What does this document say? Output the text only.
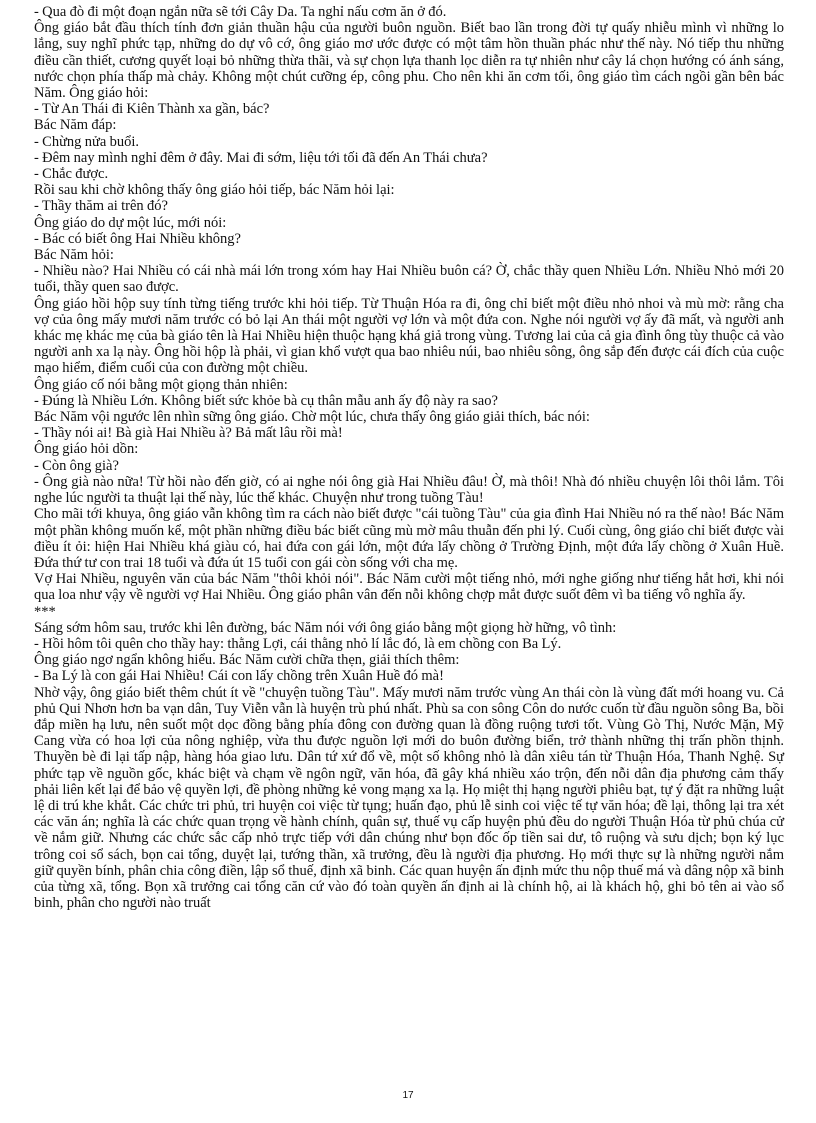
- Qua đò đi một đoạn ngắn nữa sẽ tới Cây Da. Ta nghỉ nấu cơm ăn ở đó.

Ông giáo bắt đầu thích tính đơn giản thuần hậu của người buôn nguồn. Biết bao lần trong đời tự quấy nhiễu mình vì những lo lắng, suy nghĩ phức tạp, những do dự vô cớ, ông giáo mơ ước được có một tâm hồn thuần phác như thế này. Nó tiếp thu những điều cần thiết, cương quyết loại bỏ những thừa thãi, và sự chọn lựa thanh lọc diễn ra tự nhiên như cây lá chọn hướng có ánh sáng, nước chọn phía thấp mà chảy. Không một chút cưỡng ép, công phu. Cho nên khi ăn cơm tối, ông giáo tìm cách ngồi gần bên bác Năm. Ông giáo hỏi:

- Từ An Thái đi Kiên Thành xa gần, bác?

Bác Năm đáp:

- Chừng nửa buổi.

- Đêm nay mình nghỉ đêm ở đây. Mai đi sớm, liệu tới tối đã đến An Thái chưa?

- Chắc được.

Rồi sau khi chờ không thấy ông giáo hỏi tiếp, bác Năm hỏi lại:

- Thầy thăm ai trên đó?

Ông giáo do dự một lúc, mới nói:

- Bác có biết ông Hai Nhiều không?

Bác Năm hỏi:

- Nhiều nào? Hai Nhiều có cái nhà mái lớn trong xóm hay Hai Nhiều buôn cá? Ờ, chắc thầy quen Nhiều Lớn. Nhiều Nhỏ mới 20 tuổi, thầy quen sao được.

Ông giáo hồi hộp suy tính từng tiếng trước khi hỏi tiếp. Từ Thuận Hóa ra đi, ông chỉ biết một điều nhỏ nhoi và mù mờ: rằng cha vợ của ông mấy mươi năm trước có bỏ lại An thái một người vợ lớn và một đứa con. Nghe nói người vợ ấy đã mất, và người anh khác mẹ khác mẹ của bà giáo tên là Hai Nhiều hiện thuộc hạng khá giả trong vùng. Tương lai của cả gia đình ông tùy thuộc cả vào người anh xa lạ này. Ông hồi hộp là phải, vì gian khổ vượt qua bao nhiêu núi, bao nhiêu sông, ông sắp đến được cái đích của cuộc mạo hiểm, điểm cuối của con đường một chiều.

Ông giáo cố nói bằng một giọng thản nhiên:

- Đúng là Nhiều Lớn. Không biết sức khỏe bà cụ thân mẫu anh ấy độ này ra sao?

Bác Năm vội ngước lên nhìn sững ông giáo. Chờ một lúc, chưa thấy ông giáo giải thích, bác nói:

- Thầy nói ai! Bà già Hai Nhiều à? Bả mất lâu rồi mà!

Ông giáo hỏi dồn:

- Còn ông già?

- Ông già nào nữa! Từ hồi nào đến giờ, có ai nghe nói ông già Hai Nhiều đâu! Ờ, mà thôi! Nhà đó nhiều chuyện lôi thôi lắm. Tôi nghe lúc người ta thuật lại thế này, lúc thế khác. Chuyện như trong tuồng Tàu!

Cho mãi tới khuya, ông giáo vẫn không tìm ra cách nào biết được "cái tuồng Tàu" của gia đình Hai Nhiều nó ra thế nào! Bác Năm một phần không muốn kể, một phần những điều bác biết cũng mù mờ mâu thuẫn đến phi lý. Cuối cùng, ông giáo chỉ biết được vài điều ít ỏi: hiện Hai Nhiều khá giàu có, hai đứa con gái lớn, một đứa lấy chồng ở Trường Định, một đứa lấy chồng ở Xuân Huề. Đứa thứ tư con trai 18 tuổi và đứa út 15 tuổi con gái còn sống với cha mẹ.

Vợ Hai Nhiều, nguyên văn của bác Năm "thôi khỏi nói". Bác Năm cười một tiếng nhỏ, mới nghe giống như tiếng hắt hơi, khi nói qua loa như vậy về người vợ Hai Nhiều. Ông giáo phân vân đến nỗi không chợp mắt được suốt đêm vì ba tiếng vô nghĩa ấy.

***

Sáng sớm hôm sau, trước khi lên đường, bác Năm nói với ông giáo bằng một giọng hờ hững, vô tình:

- Hồi hôm tôi quên cho thầy hay: thằng Lợi, cái thằng nhỏ lí lắc đó, là em chồng con Ba Lý.

Ông giáo ngơ ngẩn không hiểu. Bác Năm cười chữa thẹn, giải thích thêm:

- Ba Lý là con gái Hai Nhiều! Cái con lấy chồng trên Xuân Huề đó mà!

Nhờ vậy, ông giáo biết thêm chút ít về "chuyện tuồng Tàu". Mấy mươi năm trước vùng An thái còn là vùng đất mới hoang vu. Cả phủ Qui Nhơn hơn ba vạn dân, Tuy Viễn vẫn là huyện trù phú nhất. Phù sa con sông Côn do nước cuốn từ đầu nguồn sông Ba, bồi đắp miền hạ lưu, nên suốt một dọc đồng bằng phía đông con đường quan là đồng ruộng tươi tốt. Vùng Gò Thị, Nước Mặn, Mỹ Cang vừa có hoa lợi của nông nghiệp, vừa thu được nguồn lợi mới do buôn đường biển, trở thành những thị trấn phồn thịnh. Thuyền bè đi lại tấp nập, hàng hóa giao lưu. Dân tứ xứ đổ về, một số không nhỏ là dân xiêu tán từ Thuận Hóa, Thanh Nghệ. Sự phức tạp về nguồn gốc, khác biệt và chạm về ngôn ngữ, văn hóa, đã gây khá nhiều xáo trộn, đến nỗi dân địa phương cảm thấy phải liên kết lại để bảo vệ quyền lợi, đề phòng những kẻ vong mạng xa lạ. Họ miệt thị hạng người phiêu bạt, tự ý đặt ra những luật lệ di trú khe khắt. Các chức tri phủ, tri huyện coi việc từ tụng; huấn đạo, phủ lễ sinh coi việc tế tự văn hóa; đề lại, thông lại tra xét các văn án; nghĩa là các chức quan trọng về hành chính, quân sự, thuế vụ cấp huyện phủ đều do người Thuận Hóa từ phủ chúa cử về nắm giữ. Nhưng các chức sắc cấp nhỏ trực tiếp với dân chúng như bọn đốc ốp tiền sai dư, tô ruộng và sưu dịch; bọn ký lục trông coi sổ sách, bọn cai tổng, duyệt lại, tướng thần, xã trưởng, đều là người địa phương. Họ mới thực sự là những người nắm giữ quyền bính, phân chia công điền, lập sổ thuế, định xã binh. Các quan huyện ấn định mức thu nộp thuế má và dâng nộp xã binh của từng xã, tổng. Bọn xã trưởng cai tổng căn cứ vào đó toàn quyền ấn định ai là chính hộ, ai là khách hộ, ghi bỏ tên ai vào sổ binh, phân cho người nào truất

17
